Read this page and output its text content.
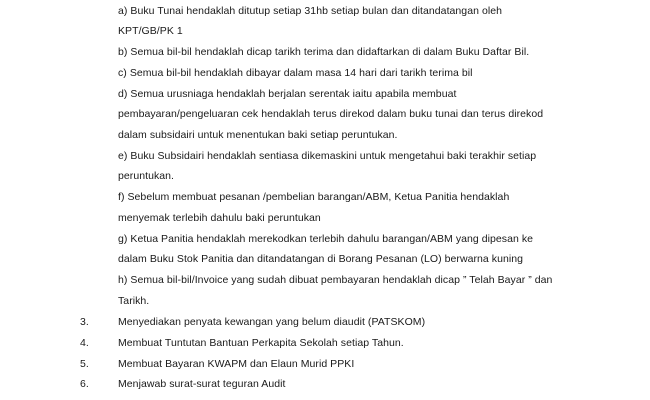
a) Buku Tunai hendaklah ditutup setiap 31hb setiap bulan dan ditandatangan oleh
KPT/GB/PK 1
b) Semua bil-bil hendaklah dicap tarikh terima dan didaftarkan di dalam Buku Daftar Bil.
c) Semua bil-bil hendaklah dibayar dalam masa 14 hari dari tarikh terima bil
d) Semua urusniaga hendaklah berjalan serentak iaitu apabila membuat
pembayaran/pengeluaran cek hendaklah terus direkod dalam buku tunai dan terus direkod
dalam subsidairi untuk menentukan baki setiap peruntukan.
e) Buku Subsidairi hendaklah sentiasa dikemaskini untuk mengetahui baki terakhir setiap
peruntukan.
f) Sebelum membuat pesanan /pembelian barangan/ABM, Ketua Panitia hendaklah
menyemak terlebih dahulu baki peruntukan
g) Ketua Panitia hendaklah merekodkan terlebih dahulu barangan/ABM yang dipesan ke
dalam Buku Stok Panitia dan ditandatangan di Borang Pesanan (LO) berwarna kuning
h) Semua bil-bil/Invoice yang sudah dibuat pembayaran hendaklah dicap ” Telah Bayar ” dan
Tarikh.
3.	Menyediakan penyata kewangan yang belum diaudit (PATSKOM)
4.	Membuat Tuntutan Bantuan Perkapita Sekolah setiap Tahun.
5.	Membuat Bayaran KWAPM dan Elaun Murid PPKI
6.	Menjawab surat-surat teguran Audit
